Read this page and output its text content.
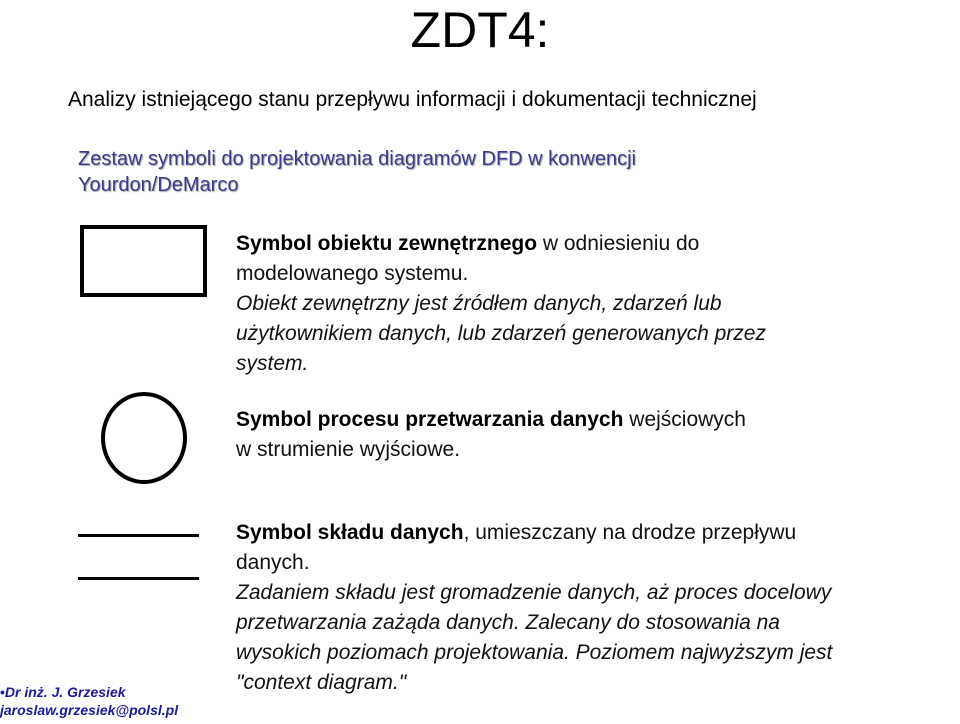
ZDT4:
Analizy istniejącego stanu przepływu informacji i dokumentacji technicznej
Zestaw symboli do projektowania diagramów DFD w konwencji
Yourdon/DeMarco
Symbol obiektu zewnętrznego w odniesieniu do
modelowanego systemu.
Obiekt zewnętrzny jest źródłem danych, zdarzeń lub
użytkownikiem danych, lub zdarzeń generowanych przez
system.
Symbol procesu przetwarzania danych wejściowych
w strumienie wyjściowe.
Symbol składu danych, umieszczany na drodze przepływu
danych.
Zadaniem składu jest gromadzenie danych, aż proces docelowy
przetwarzania zażąda danych. Zalecany do stosowania na
wysokich poziomach projektowania. Poziomem najwyższym jest
"context diagram."
•Dr inż. J. Grzesiek
jaroslaw.grzesiek@polsl.pl
